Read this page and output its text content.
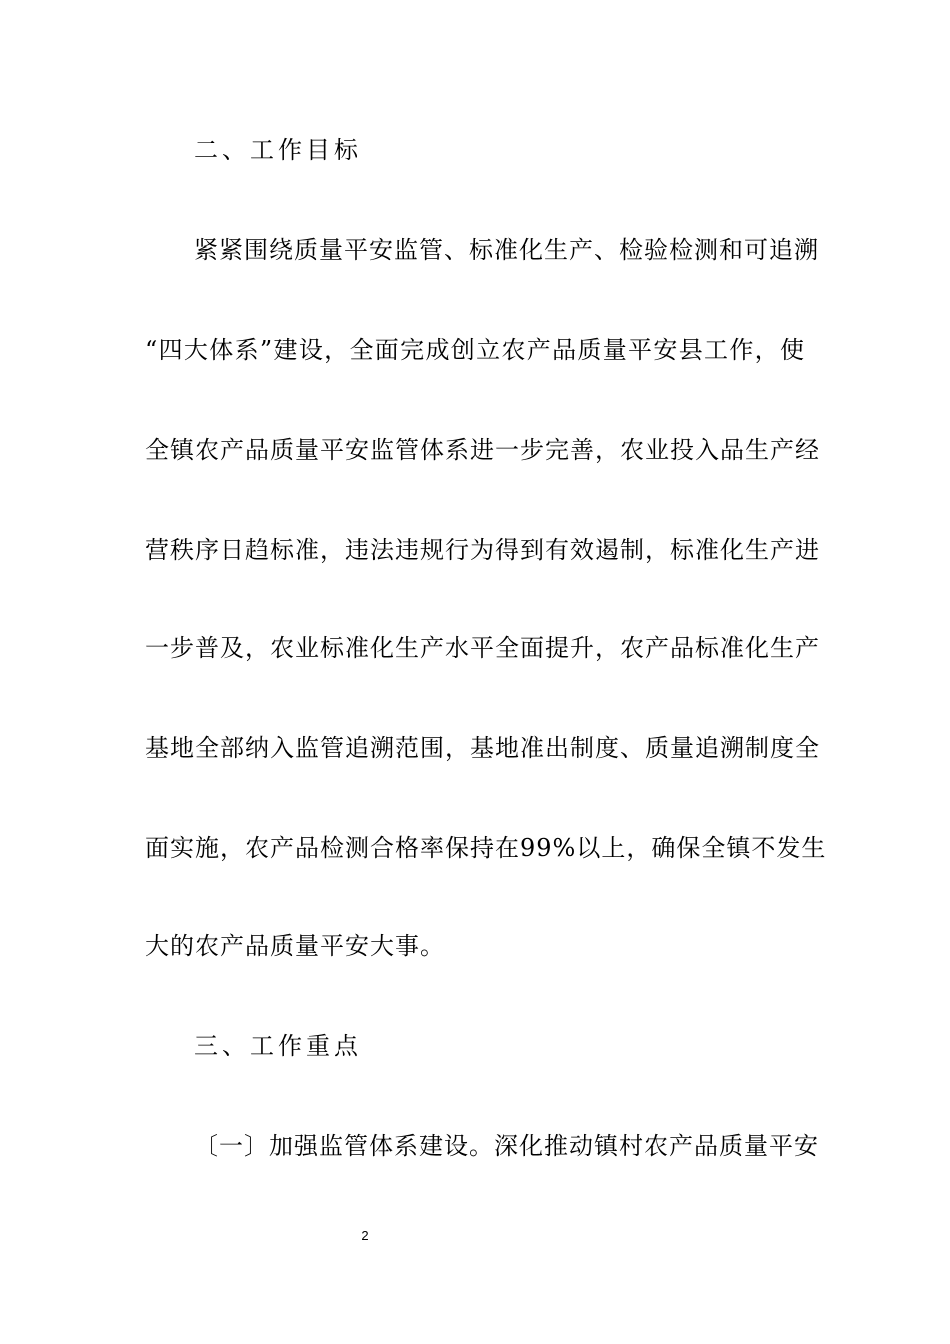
二、工作目标
紧紧围绕质量平安监管、标准化生产、检验检测和可追溯
“四大体系”建设，全面完成创立农产品质量平安县工作，使
全镇农产品质量平安监管体系进一步完善，农业投入品生产经
营秩序日趋标准，违法违规行为得到有效遏制，标准化生产进
一步普及，农业标准化生产水平全面提升，农产品标准化生产
基地全部纳入监管追溯范围，基地准出制度、质量追溯制度全
面实施，农产品检测合格率保持在99%以上，确保全镇不发生
大的农产品质量平安大事。
三、工作重点
〔一〕加强监管体系建设。深化推动镇村农产品质量平安
2
